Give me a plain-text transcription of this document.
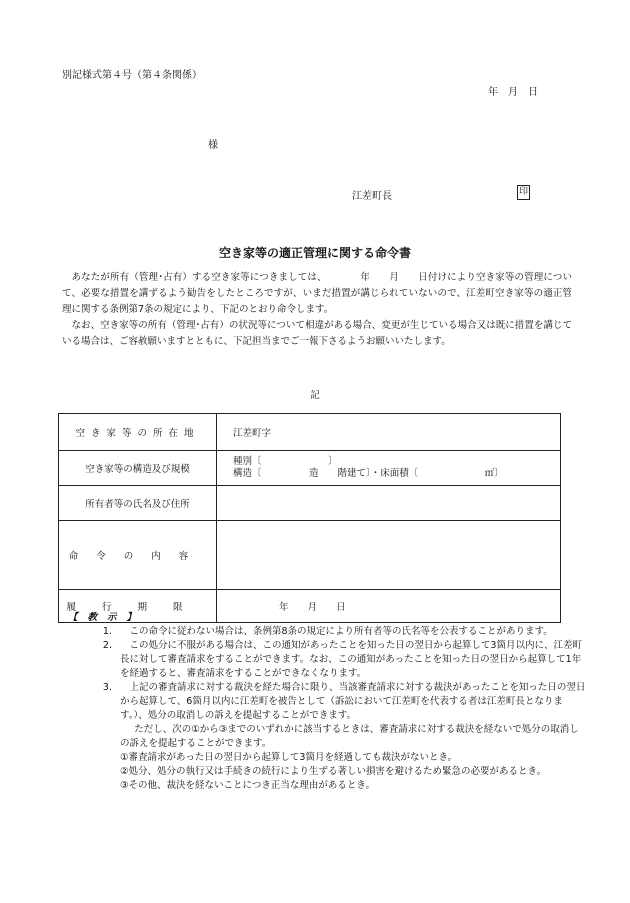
別記様式第４号（第４条関係）
年　月　日
様
江差町長	印
空き家等の適正管理に関する命令書
あなたが所有（管理･占有）する空き家等につきましては、　　　　年　　月　　日付けにより空き家等の管理について、必要な措置を講ずるよう勧告をしたところですが、いまだ措置が講じられていないので、江差町空き家等の適正管理に関する条例第7条の規定により、下記のとおり命令します。
なお、空き家等の所有（管理･占有）の状況等について相違がある場合、変更が生じている場合又は既に措置を講じている場合は、ご容赦願いますとともに、下記担当までご一報下さるようお願いいたします。
記
空き家等の所在地	江差町字
空き家等の構造及び規模	種別〔　　　　　　　〕
構造〔　　　　　造　　階建て〕・床面積〔　　　　　　　㎡〕

所有者等の氏名及び住所	
命令の内容	
履行期限	年　　月　　日
【教示】
1.	この命令に従わない場合は、条例第8条の規定により所有者等の氏名等を公表することがあります。
2.	この処分に不服がある場合は、この通知があったことを知った日の翌日から起算して3箇月以内に、江差町長に対して審査請求をすることができます。なお、この通知があったことを知った日の翌日から起算して1年を経過すると、審査請求をすることができなくなります。
3.	上記の審査請求に対する裁決を経た場合に限り、当該審査請求に対する裁決があったことを知った日の翌日から起算して、6箇月以内に江差町を被告として（訴訟において江差町を代表する者は江差町長となります。）、処分の取消しの訴えを提起することができます。
ただし、次の①から③までのいずれかに該当するときは、審査請求に対する裁決を経ないで処分の取消しの訴えを提起することができます。
①審査請求があった日の翌日から起算して3箇月を経過しても裁決がないとき。
②処分、処分の執行又は手続きの続行により生ずる著しい損害を避けるため緊急の必要があるとき。
③その他、裁決を経ないことにつき正当な理由があるとき。
